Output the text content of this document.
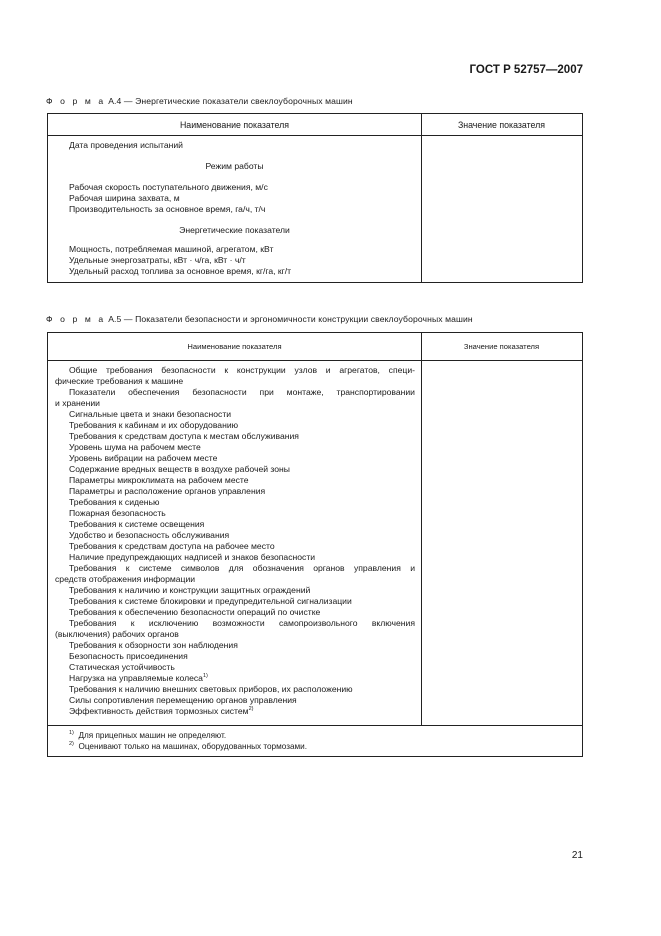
ГОСТ Р 52757—2007
Ф о р м а А.4 — Энергетические показатели свеклоуборочных машин
Наименование показателя	Значение показателя
Дата проведения испытаний
Режим работы
Рабочая скорость поступательного движения, м/с
Рабочая ширина захвата, м
Производительность за основное время, га/ч, т/ч
Энергетические показатели
Мощность, потребляемая машиной, агрегатом, кВт
Удельные энергозатраты, кВт · ч/га, кВт · ч/т
Удельный расход топлива за основное время, кг/га, кг/т
Ф о р м а А.5 — Показатели безопасности и эргономичности конструкции свеклоуборочных машин
Наименование показателя	Значение показателя
Общие требования безопасности к конструкции узлов и агрегатов, специ-
фические требования к машине
Показатели обеспечения безопасности при монтаже, транспортировании
и хранении
Сигнальные цвета и знаки безопасности
Требования к кабинам и их оборудованию
Требования к средствам доступа к местам обслуживания
Уровень шума на рабочем месте
Уровень вибрации на рабочем месте
Содержание вредных веществ в воздухе рабочей зоны
Параметры микроклимата на рабочем месте
Параметры и расположение органов управления
Требования к сиденью
Пожарная безопасность
Требования к системе освещения
Удобство и безопасность обслуживания
Требования к средствам доступа на рабочее место
Наличие предупреждающих надписей и знаков безопасности
Требования к системе символов для обозначения органов управления и
средств отображения информации
Требования к наличию и конструкции защитных ограждений
Требования к системе блокировки и предупредительной сигнализации
Требования к обеспечению безопасности операций по очистке
Требования к исключению возможности самопроизвольного включения
(выключения) рабочих органов
Требования к обзорности зон наблюдения
Безопасность присоединения
Статическая устойчивость
Нагрузка на управляемые колеса$^{1)}$
Требования к наличию внешних световых приборов, их расположению
Силы сопротивления перемещению органов управления
Эффективность действия тормозных систем$^{2)}$
$^{1)}$ Для прицепных машин не определяют.
$^{2)}$ Оценивают только на машинах, оборудованных тормозами.
21
